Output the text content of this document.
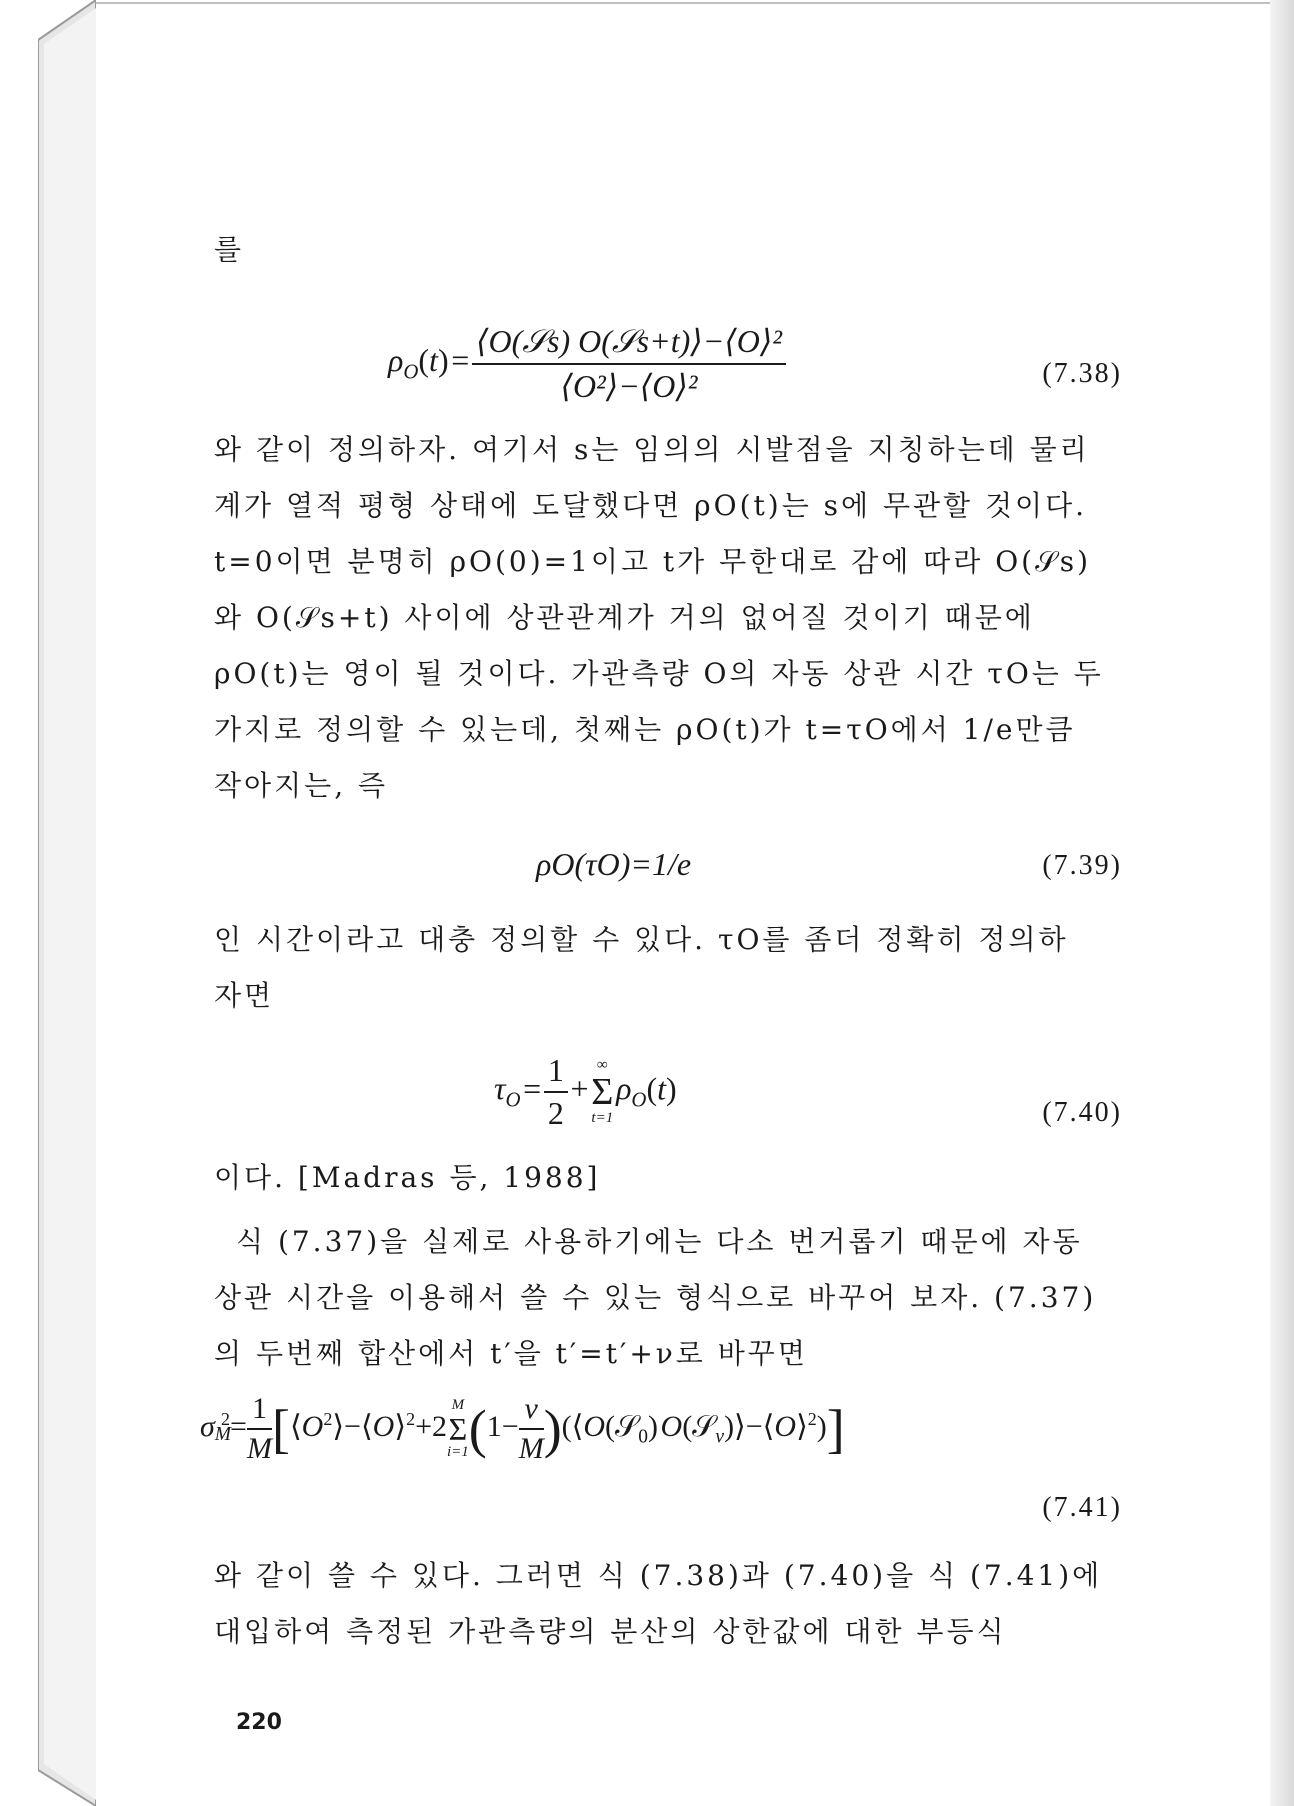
를
$\rho_O(t)$ =  $\frac{\text{⟨O(𝒮s) O(𝒮s+t)⟩−⟨O⟩²}}{\text{⟨O²⟩−⟨O⟩²}}$	(7.38)
와 같이 정의하자. 여기서 s는 임의의 시발점을 지칭하는데 물리
계가 열적 평형 상태에 도달했다면 ρO(t)는 s에 무관할 것이다.
t=0이면 분명히 ρO(0)=1이고 t가 무한대로 감에 따라 O(𝒮s)
와 O(𝒮s+t) 사이에 상관관계가 거의 없어질 것이기 때문에
ρO(t)는 영이 될 것이다. 가관측량 O의 자동 상관 시간 τO는 두
가지로 정의할 수 있는데, 첫째는 ρO(t)가 t=τO에서 1/e만큼
작아지는, 즉
ρO(τO)=1/e	(7.39)
인 시간이라고 대충 정의할 수 있다. τO를 좀더 정확히 정의하
자면
$\tau_O$ =  $\frac{1}{2}$  + 
∞
Σ
t=1
 $\rho_O(t)$
(7.40)
이다. [Madras 등, 1988]
식 (7.37)을 실제로 사용하기에는 다소 번거롭기 때문에 자동
상관 시간을 이용해서 쓸 수 있는 형식으로 바꾸어 보자. (7.37)
의 두번째 합산에서 t′을 t′=t′+ν로 바꾸면
$\sigma M^2= \frac{1}{M}$ [$⟨O^2⟩-⟨O⟩^2+2$
M
Σ
i=1 ($1- \frac{\nu}{M}$ )(⟨O(𝒮$_0$) O(𝒮$_\nu$)⟩−⟨O⟩$^2$)]
(7.41)
와 같이 쓸 수 있다. 그러면 식 (7.38)과 (7.40)을 식 (7.41)에
대입하여 측정된 가관측량의 분산의 상한값에 대한 부등식
220
